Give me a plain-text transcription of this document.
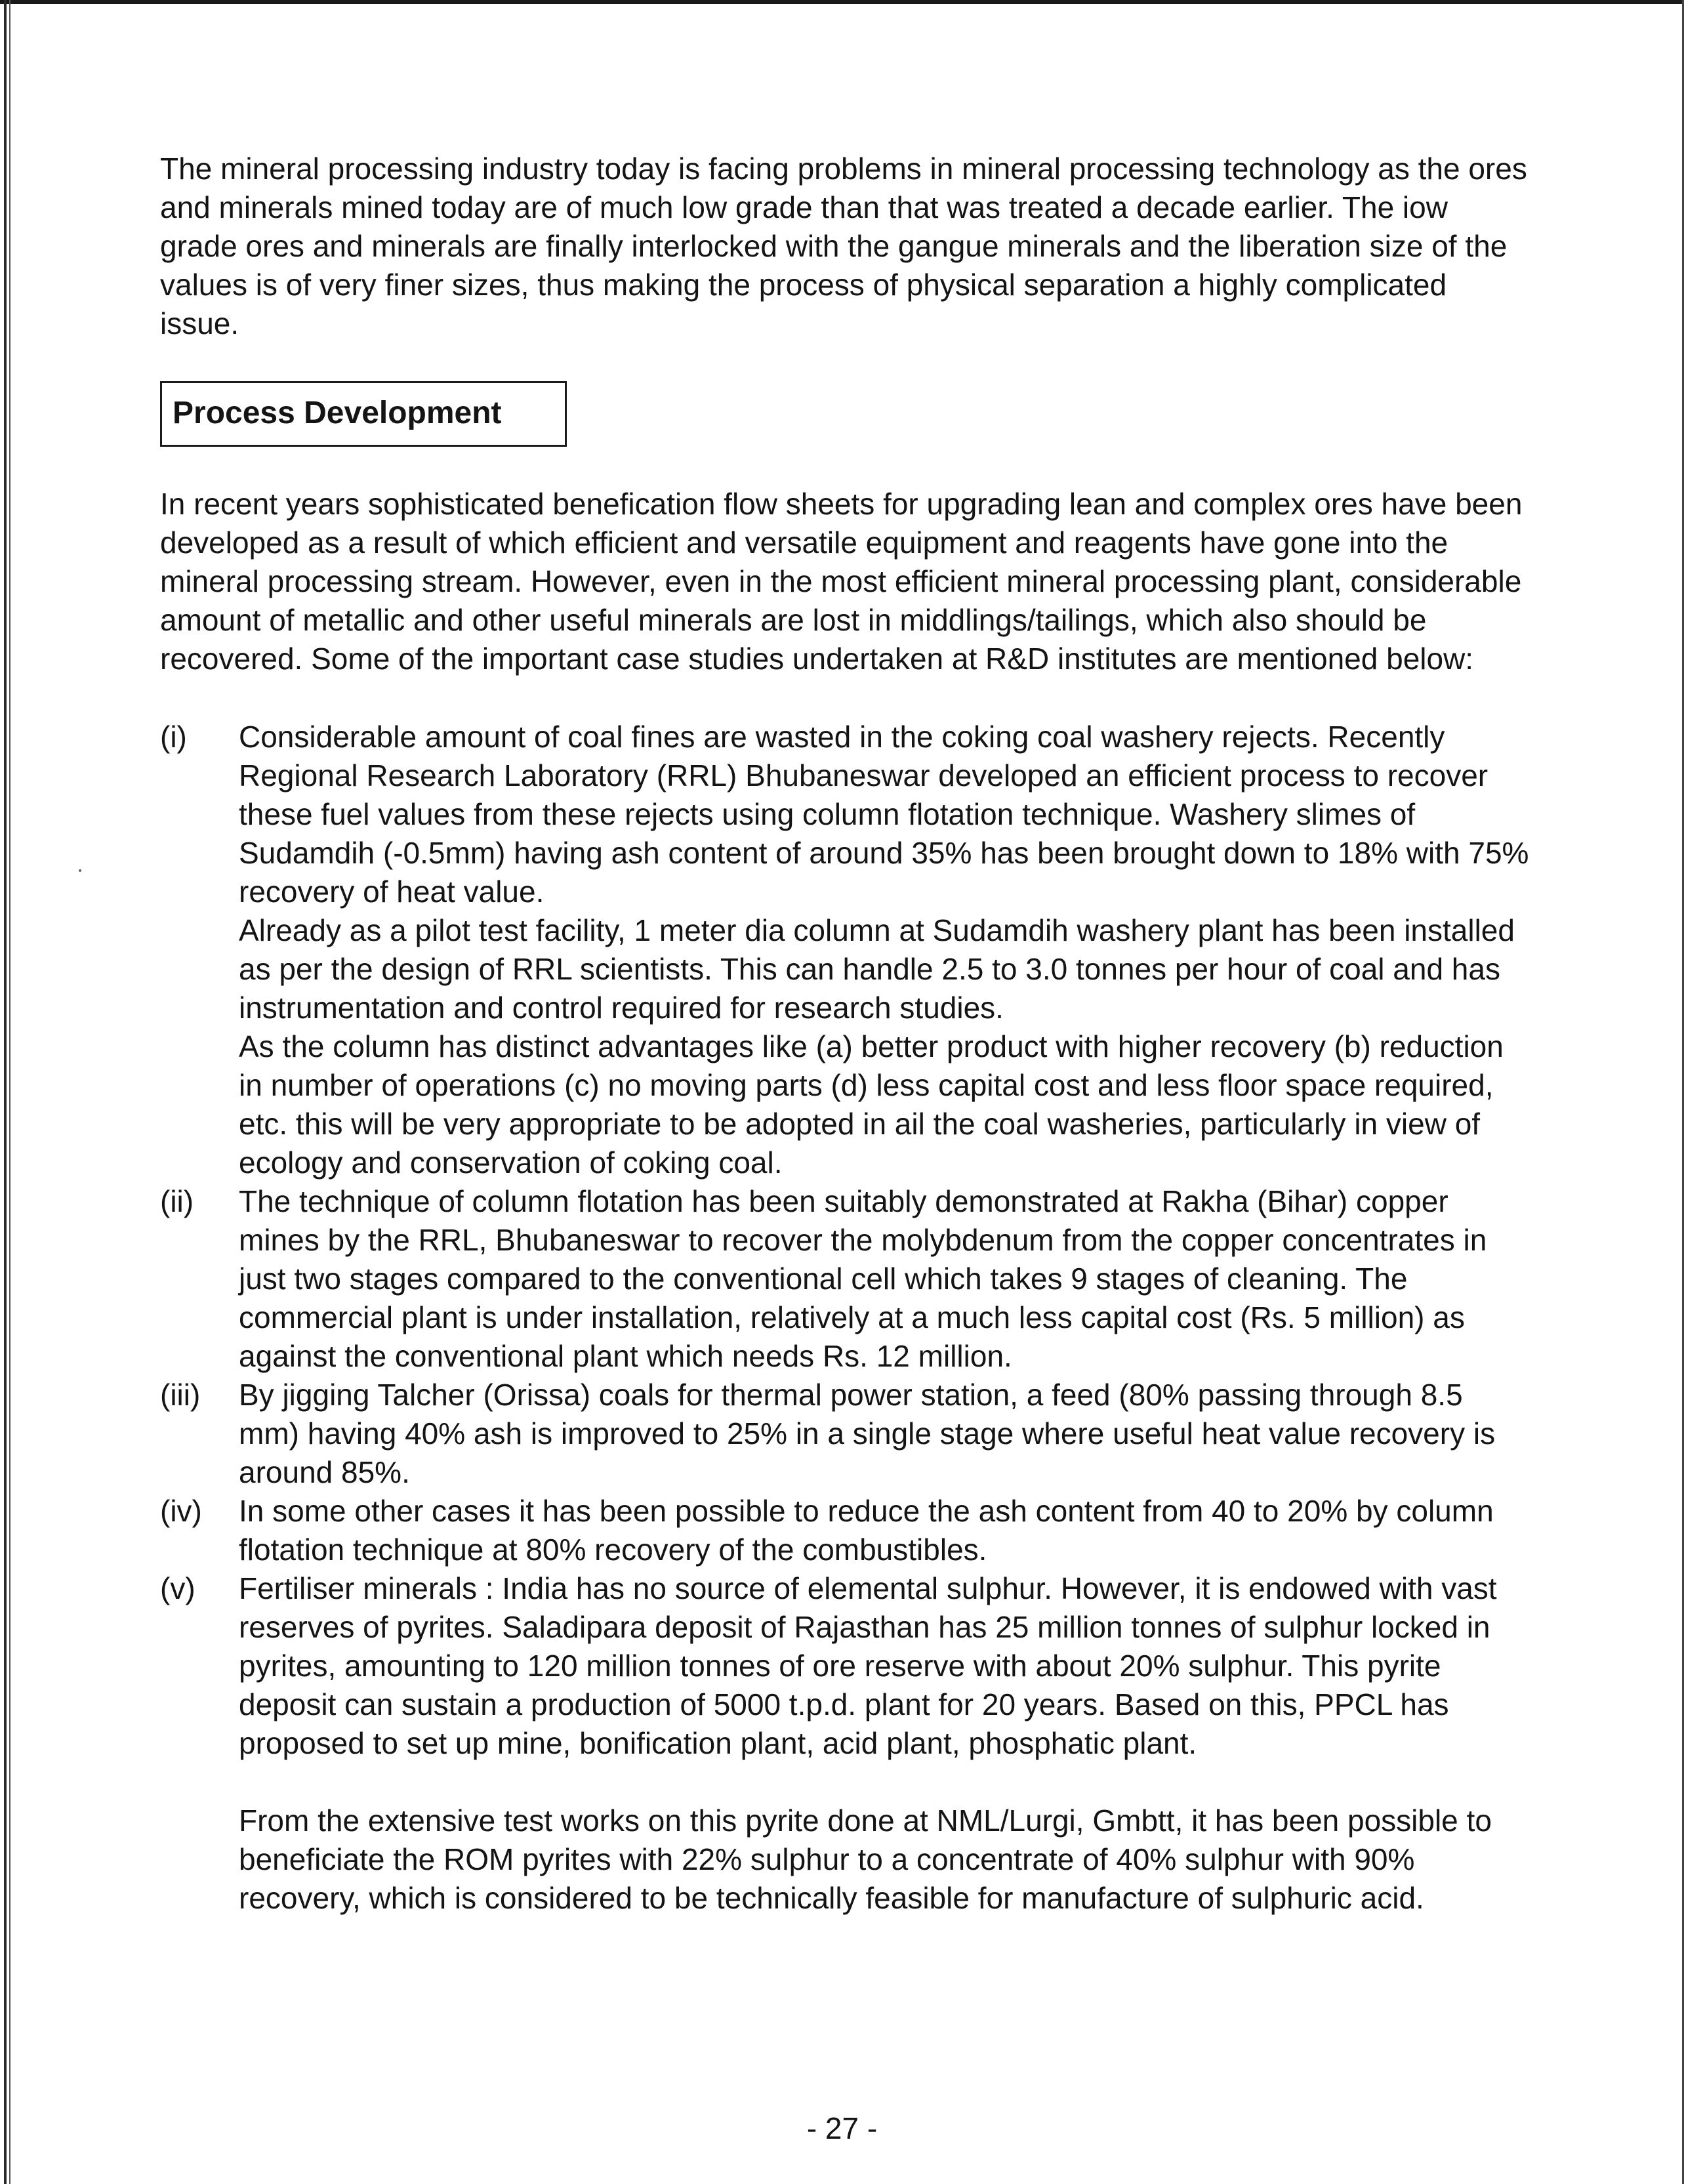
The mineral processing industry today is facing problems in mineral processing technology as the ores and minerals mined today are of much low grade than that was treated a decade earlier. The iow grade ores and minerals are finally interlocked with the gangue minerals and the liberation size of the values is of very finer sizes, thus making the process of physical separation a highly complicated issue.

Process Development

In recent years sophisticated benefication flow sheets for upgrading lean and complex ores have been developed as a result of which efficient and versatile equipment and reagents have gone into the mineral processing stream. However, even in the most efficient mineral processing plant, considerable amount of metallic and other useful minerals are lost in middlings/tailings, which also should be recovered. Some of the important case studies undertaken at R&D institutes are mentioned below:

(i)	Considerable amount of coal fines are wasted in the coking coal washery rejects. Recently Regional Research Laboratory (RRL) Bhubaneswar developed an efficient process to recover these fuel values from these rejects using column flotation technique. Washery slimes of Sudamdih (-0.5mm) having ash content of around 35% has been brought down to 18% with 75% recovery of heat value.

Already as a pilot test facility, 1 meter dia column at Sudamdih washery plant has been installed as per the design of RRL scientists. This can handle 2.5 to 3.0 tonnes per hour of coal and has instrumentation and control required for research studies.

As the column has distinct advantages like (a) better product with higher recovery (b) reduction in number of operations (c) no moving parts (d) less capital cost and less floor space required, etc. this will be very appropriate to be adopted in ail the coal washeries, particularly in view of ecology and conservation of coking coal.

(ii)	The technique of column flotation has been suitably demonstrated at Rakha (Bihar) copper mines by the RRL, Bhubaneswar to recover the molybdenum from the copper concentrates in just two stages compared to the conventional cell which takes 9 stages of cleaning. The commercial plant is under installation, relatively at a much less capital cost (Rs. 5 million) as against the conventional plant which needs Rs. 12 million.

(iii)	By jigging Talcher (Orissa) coals for thermal power station, a feed (80% passing through 8.5 mm) having 40% ash is improved to 25% in a single stage where useful heat value recovery is around 85%.

(iv)	In some other cases it has been possible to reduce the ash content from 40 to 20% by column flotation technique at 80% recovery of the combustibles.

(v)	Fertiliser minerals : India has no source of elemental sulphur. However, it is endowed with vast reserves of pyrites. Saladipara deposit of Rajasthan has 25 million tonnes of sulphur locked in pyrites, amounting to 120 million tonnes of ore reserve with about 20% sulphur. This pyrite deposit can sustain a production of 5000 t.p.d. plant for 20 years. Based on this, PPCL has proposed to set up mine, bonification plant, acid plant, phosphatic plant.

From the extensive test works on this pyrite done at NML/Lurgi, Gmbtt, it has been possible to beneficiate the ROM pyrites with 22% sulphur to a concentrate of 40% sulphur with 90% recovery, which is considered to be technically feasible for manufacture of sulphuric acid.

- 27 -
